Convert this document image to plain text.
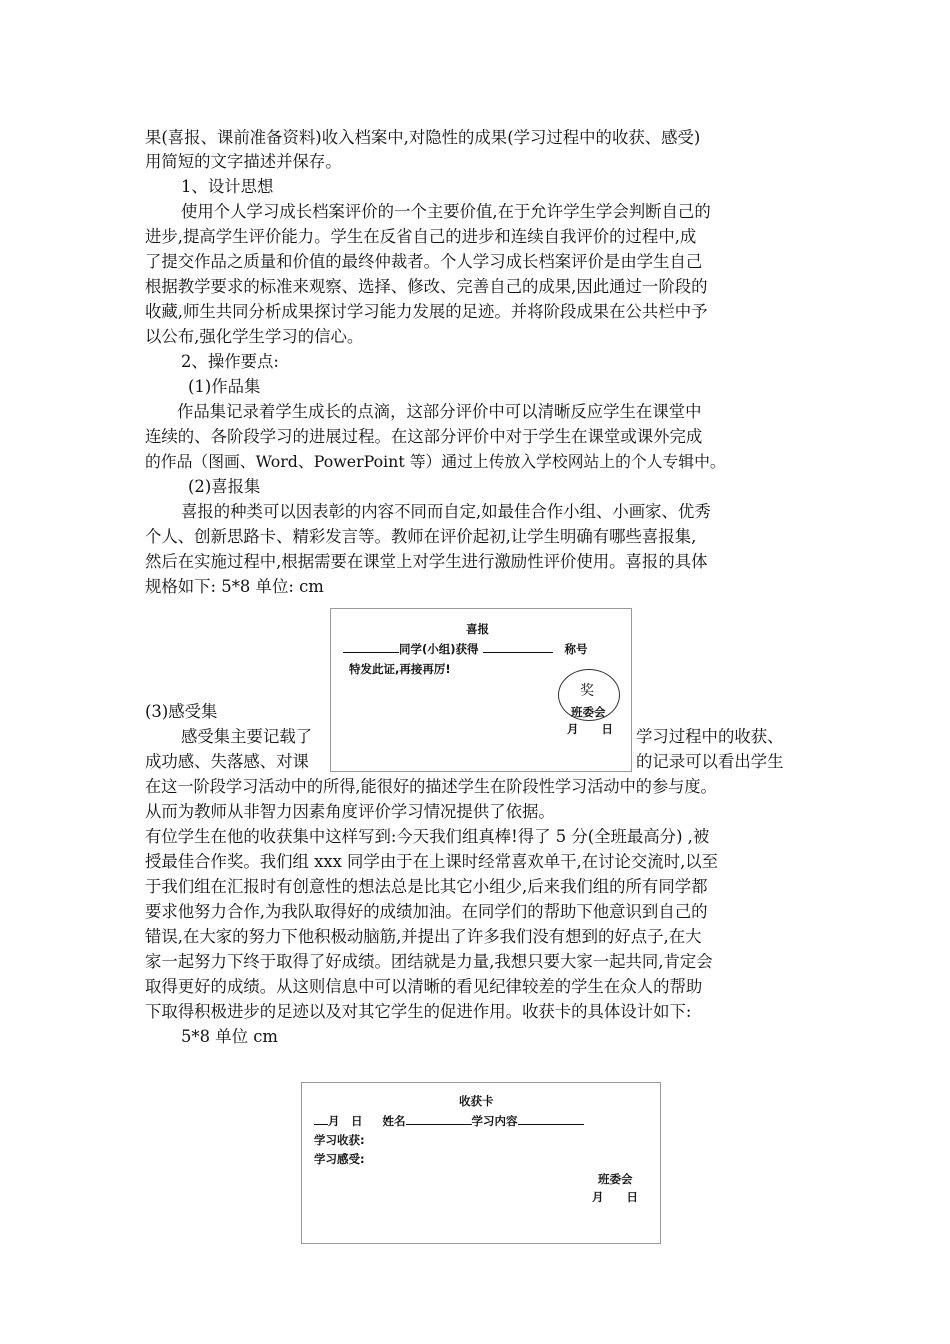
果(喜报、课前准备资料)收入档案中,对隐性的成果(学习过程中的收获、感受)
用简短的文字描述并保存。
1、设计思想
使用个人学习成长档案评价的一个主要价值,在于允许学生学会判断自己的
进步,提高学生评价能力。学生在反省自己的进步和连续自我评价的过程中,成
了提交作品之质量和价值的最终仲裁者。个人学习成长档案评价是由学生自己
根据教学要求的标准来观察、选择、修改、完善自己的成果,因此通过一阶段的
收藏,师生共同分析成果探讨学习能力发展的足迹。并将阶段成果在公共栏中予
以公布,强化学生学习的信心。
2、操作要点:
(1)作品集
作品集记录着学生成长的点滴，这部分评价中可以清晰反应学生在课堂中
连续的、各阶段学习的进展过程。在这部分评价中对于学生在课堂或课外完成
的作品（图画、Word、PowerPoint 等）通过上传放入学校网站上的个人专辑中。
(2)喜报集
喜报的种类可以因表彰的内容不同而自定,如最佳合作小组、小画家、优秀
个人、创新思路卡、精彩发言等。教师在评价起初,让学生明确有哪些喜报集,
然后在实施过程中,根据需要在课堂上对学生进行激励性评价使用。喜报的具体
规格如下: 5*8 单位: cm
(3)感受集
感受集主要记载了	学习过程中的收获、
成功感、失落感、对课	的记录可以看出学生
在这一阶段学习活动中的所得,能很好的描述学生在阶段性学习活动中的参与度。
从而为教师从非智力因素角度评价学习情况提供了依据。
有位学生在他的收获集中这样写到:今天我们组真棒!得了 5 分(全班最高分) ,被
授最佳合作奖。我们组 xxx 同学由于在上课时经常喜欢单干,在讨论交流时,以至
于我们组在汇报时有创意性的想法总是比其它小组少,后来我们组的所有同学都
要求他努力合作,为我队取得好的成绩加油。在同学们的帮助下他意识到自己的
错误,在大家的努力下他积极动脑筋,并提出了许多我们没有想到的好点子,在大
家一起努力下终于取得了好成绩。团结就是力量,我想只要大家一起共同,肯定会
取得更好的成绩。从这则信息中可以清晰的看见纪律较差的学生在众人的帮助
下取得积极进步的足迹以及对其它学生的促进作用。收获卡的具体设计如下:
5*8 单位 cm
喜报
同学(小组)获得	称号
特发此证,再接再厉!
奖
班委会
月　　日
收获卡
月　日 姓名	学习内容
学习收获:
学习感受:
班委会
月　　日
